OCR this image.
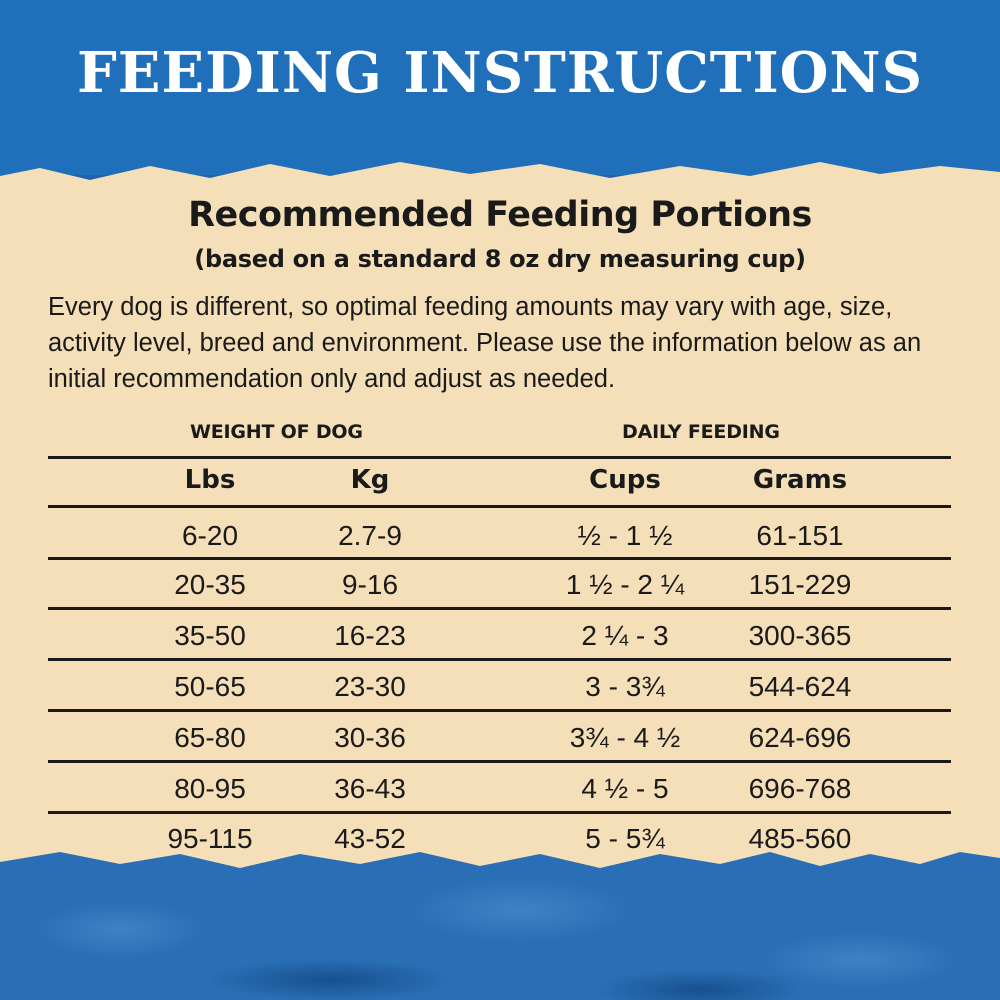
FEEDING INSTRUCTIONS
Recommended Feeding Portions
(based on a standard 8 oz dry measuring cup)

Every dog is different, so optimal feeding amounts may vary with age, size, activity level, breed and environment. Please use the information below as an initial recommendation only and adjust as needed.

WEIGHT OF DOG	DAILY FEEDING
Lbs	Kg	Cups	Grams
6-20	2.7-9	½ - 1 ½	61-151
20-35	9-16	1 ½ - 2 ¼	151-229
35-50	16-23	2 ¼ - 3	300-365
50-65	23-30	3 - 3¾	544-624
65-80	30-36	3¾ - 4 ½	624-696
80-95	36-43	4 ½ - 5	696-768
95-115	43-52	5 - 5¾	485-560
